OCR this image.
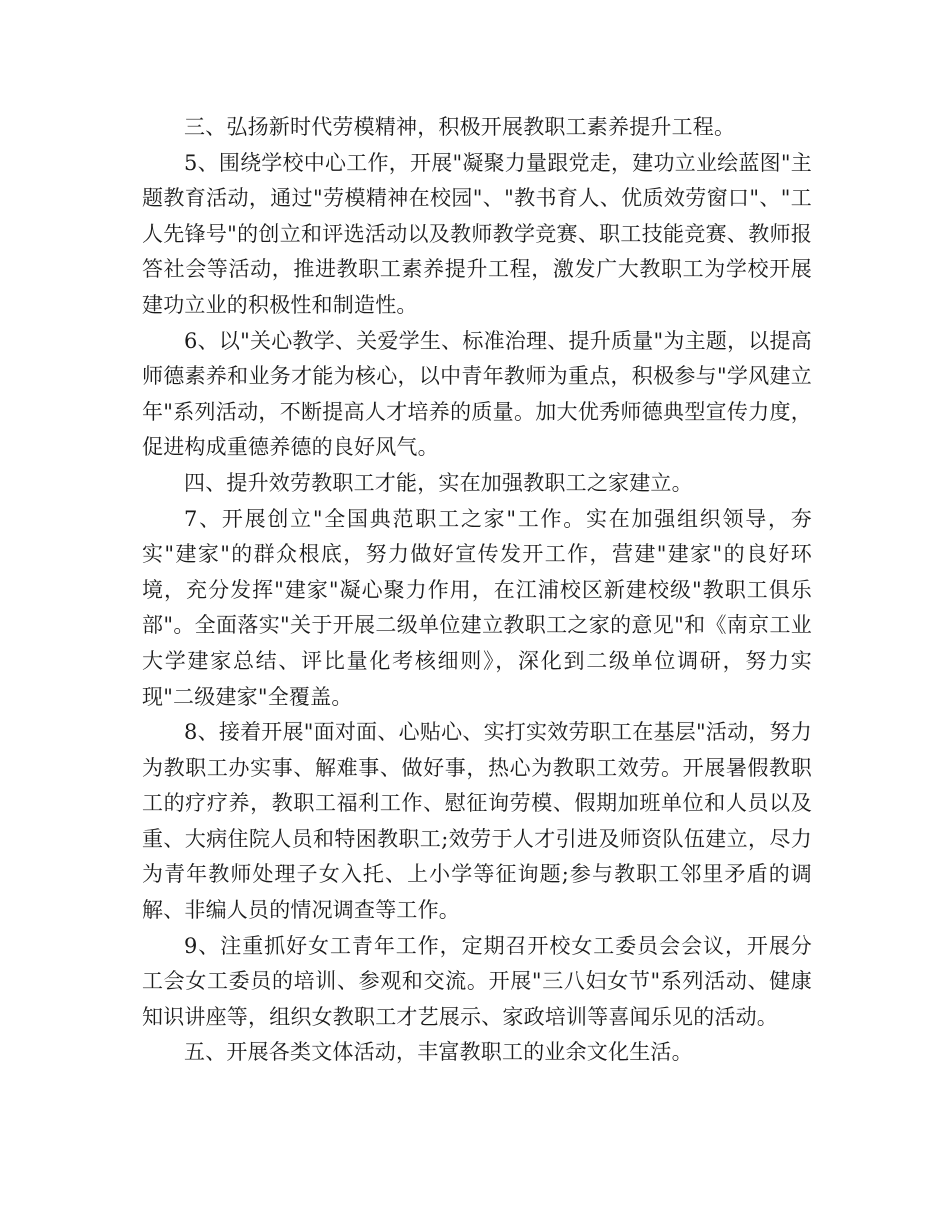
三、弘扬新时代劳模精神，积极开展教职工素养提升工程。

5、围绕学校中心工作，开展"凝聚力量跟党走，建功立业绘蓝图"主题教育活动，通过"劳模精神在校园"、"教书育人、优质效劳窗口"、"工人先锋号"的创立和评选活动以及教师教学竞赛、职工技能竞赛、教师报答社会等活动，推进教职工素养提升工程，激发广大教职工为学校开展建功立业的积极性和制造性。

6、以"关心教学、关爱学生、标准治理、提升质量"为主题，以提高师德素养和业务才能为核心，以中青年教师为重点，积极参与"学风建立年"系列活动，不断提高人才培养的质量。加大优秀师德典型宣传力度，促进构成重德养德的良好风气。

四、提升效劳教职工才能，实在加强教职工之家建立。

7、开展创立"全国典范职工之家"工作。实在加强组织领导，夯实"建家"的群众根底，努力做好宣传发开工作，营建"建家"的良好环境，充分发挥"建家"凝心聚力作用，在江浦校区新建校级"教职工俱乐部"。全面落实"关于开展二级单位建立教职工之家的意见"和《南京工业大学建家总结、评比量化考核细则》，深化到二级单位调研，努力实现"二级建家"全覆盖。

8、接着开展"面对面、心贴心、实打实效劳职工在基层"活动，努力为教职工办实事、解难事、做好事，热心为教职工效劳。开展暑假教职工的疗疗养，教职工福利工作、慰征询劳模、假期加班单位和人员以及重、大病住院人员和特困教职工;效劳于人才引进及师资队伍建立，尽力为青年教师处理子女入托、上小学等征询题;参与教职工邻里矛盾的调解、非编人员的情况调查等工作。

9、注重抓好女工青年工作，定期召开校女工委员会会议，开展分工会女工委员的培训、参观和交流。开展"三八妇女节"系列活动、健康知识讲座等，组织女教职工才艺展示、家政培训等喜闻乐见的活动。

五、开展各类文体活动，丰富教职工的业余文化生活。
